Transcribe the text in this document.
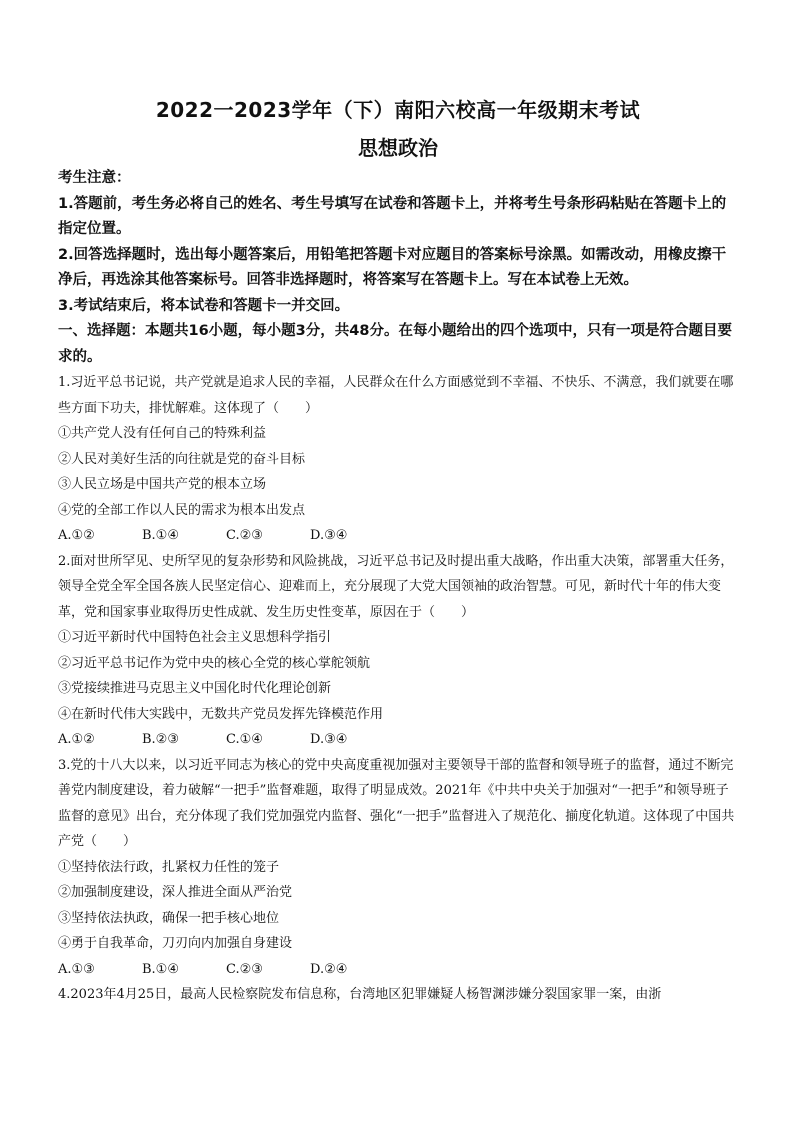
2022一2023学年（下）南阳六校高一年级期末考试
思想政治

考生注意：

1.答题前，考生务必将自己的姓名、考生号填写在试卷和答题卡上，并将考生号条形码粘贴在答题卡上的指定位置。

2.回答选择题时，选出每小题答案后，用铅笔把答题卡对应题目的答案标号涂黑。如需改动，用橡皮擦干净后，再选涂其他答案标号。回答非选择题时，将答案写在答题卡上。写在本试卷上无效。

3.考试结束后，将本试卷和答题卡一并交回。

一、选择题：本题共16小题，每小题3分，共48分。在每小题给出的四个选项中，只有一项是符合题目要求的。

1.习近平总书记说，共产党就是追求人民的幸福，人民群众在什么方面感觉到不幸福、不快乐、不满意，我们就要在哪些方面下功夫，排忧解难。这体现了（　　）

①共产党人没有任何自己的特殊利益

②人民对美好生活的向往就是党的奋斗目标

③人民立场是中国共产党的根本立场

④党的全部工作以人民的需求为根本出发点

A.①②	B.①④	C.②③	D.③④

2.面对世所罕见、史所罕见的复杂形势和风险挑战，习近平总书记及时提出重大战略，作出重大决策，部署重大任务，领导全党全军全国各族人民坚定信心、迎难而上，充分展现了大党大国领袖的政治智慧。可见，新时代十年的伟大变革，党和国家事业取得历史性成就、发生历史性变革，原因在于（　　）

①习近平新时代中国特色社会主义思想科学指引

②习近平总书记作为党中央的核心全党的核心掌舵领航

③党接续推进马克思主义中国化时代化理论创新

④在新时代伟大实践中，无数共产党员发挥先锋模范作用

A.①②	B.②③	C.①④	D.③④

3.党的十八大以来，以习近平同志为核心的党中央高度重视加强对主要领导干部的监督和领导班子的监督，通过不断完善党内制度建设，着力破解“一把手”监督难题，取得了明显成效。2021年《中共中央关于加强对“一把手”和领导班子监督的意见》出台，充分体现了我们党加强党内监督、强化“一把手”监督进入了规范化、揃度化轨道。这体现了中国共产党（　　）

①坚持依法行政，扎紧权力任性的笼子

②加强制度建设，深人推进全面从严治党

③坚持依法执政，确保一把手核心地位

④勇于自我革命，刀刃向内加强自身建设

A.①③	B.①④	C.②③	D.②④

4.2023年4月25日，最高人民检察院发布信息称，台湾地区犯罪嫌疑人杨智渊涉嫌分裂国家罪一案，由浙
